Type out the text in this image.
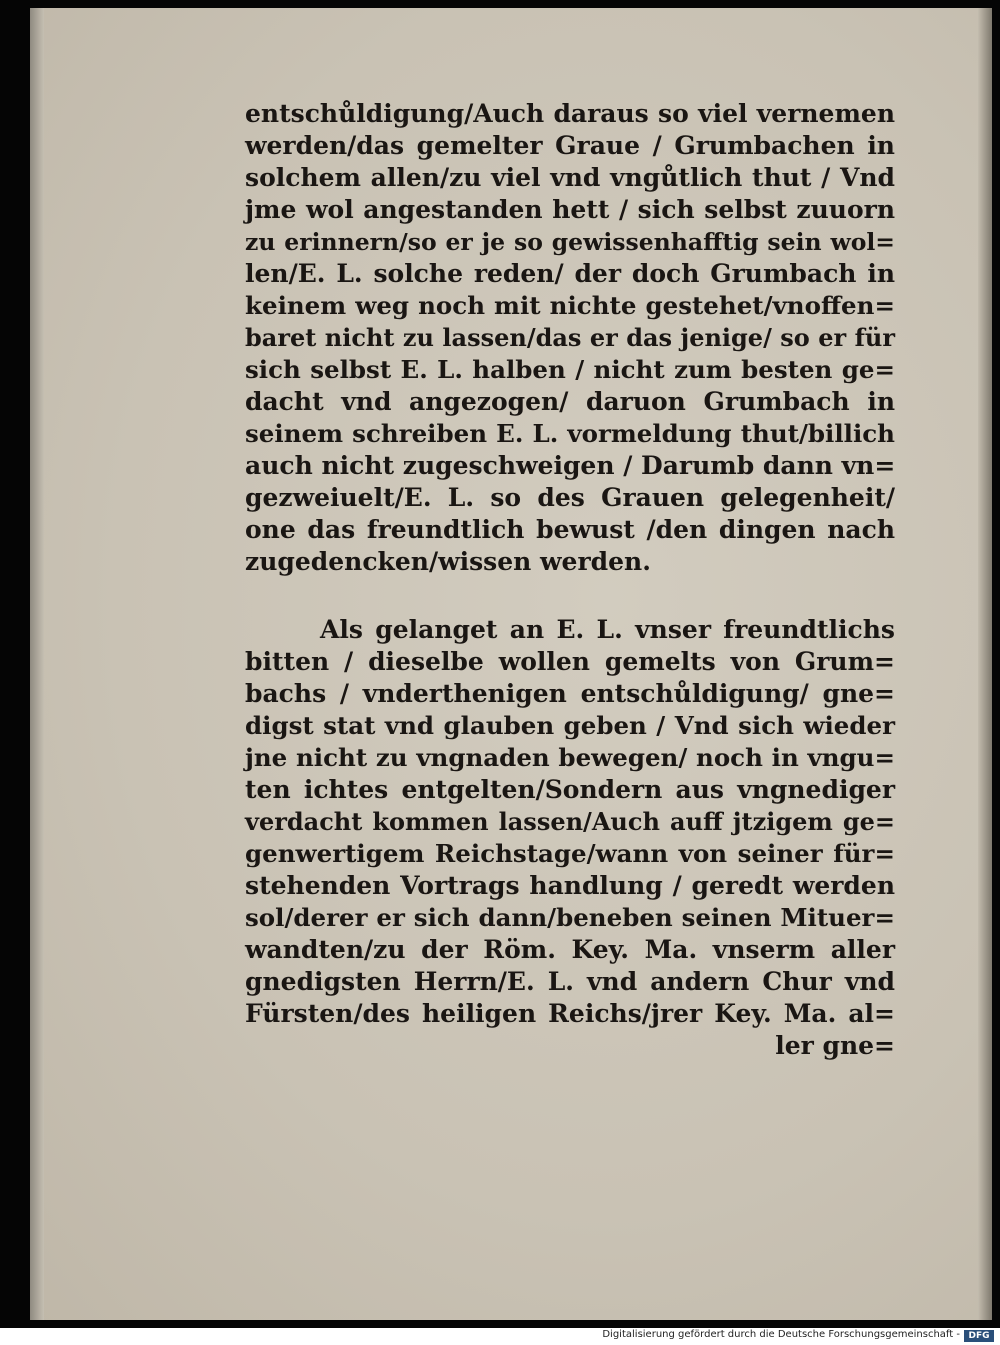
entschůldigung/Auch daraus so viel vernemen
werden/das gemelter Graue / Grumbachen in
solchem allen/zu viel vnd vngůtlich thut / Vnd
jme wol angestanden hett / sich selbst zuuorn
zu erinnern/so er je so gewissenhafftig sein wol=
len/E. L. solche reden/ der doch Grumbach in
keinem weg noch mit nichte gestehet/vnoffen=
baret nicht zu lassen/das er das jenige/ so er für
sich selbst E. L. halben / nicht zum besten ge=
dacht vnd angezogen/ daruon Grumbach in
seinem schreiben E. L. vormeldung thut/billich
auch nicht zugeschweigen / Darumb dann vn=
gezweiuelt/E. L. so des Grauen gelegenheit/
one das freundtlich bewust /den dingen nach
zugedencken/wissen werden.
Als gelanget an E. L. vnser freundtlichs
bitten / dieselbe wollen gemelts von Grum=
bachs / vnderthenigen entschůldigung/ gne=
digst stat vnd glauben geben / Vnd sich wieder
jne nicht zu vngnaden bewegen/ noch in vngu=
ten ichtes entgelten/Sondern aus vngnediger
verdacht kommen lassen/Auch auff jtzigem ge=
genwertigem Reichstage/wann von seiner für=
stehenden Vortrags handlung / geredt werden
sol/derer er sich dann/beneben seinen Mituer=
wandten/zu der Röm. Key. Ma. vnserm aller
gnedigsten Herrn/E. L. vnd andern Chur vnd
Fürsten/des heiligen Reichs/jrer Key. Ma. al=
ler gne=
Digitalisierung gefördert durch die Deutsche Forschungsgemeinschaft - DFG
